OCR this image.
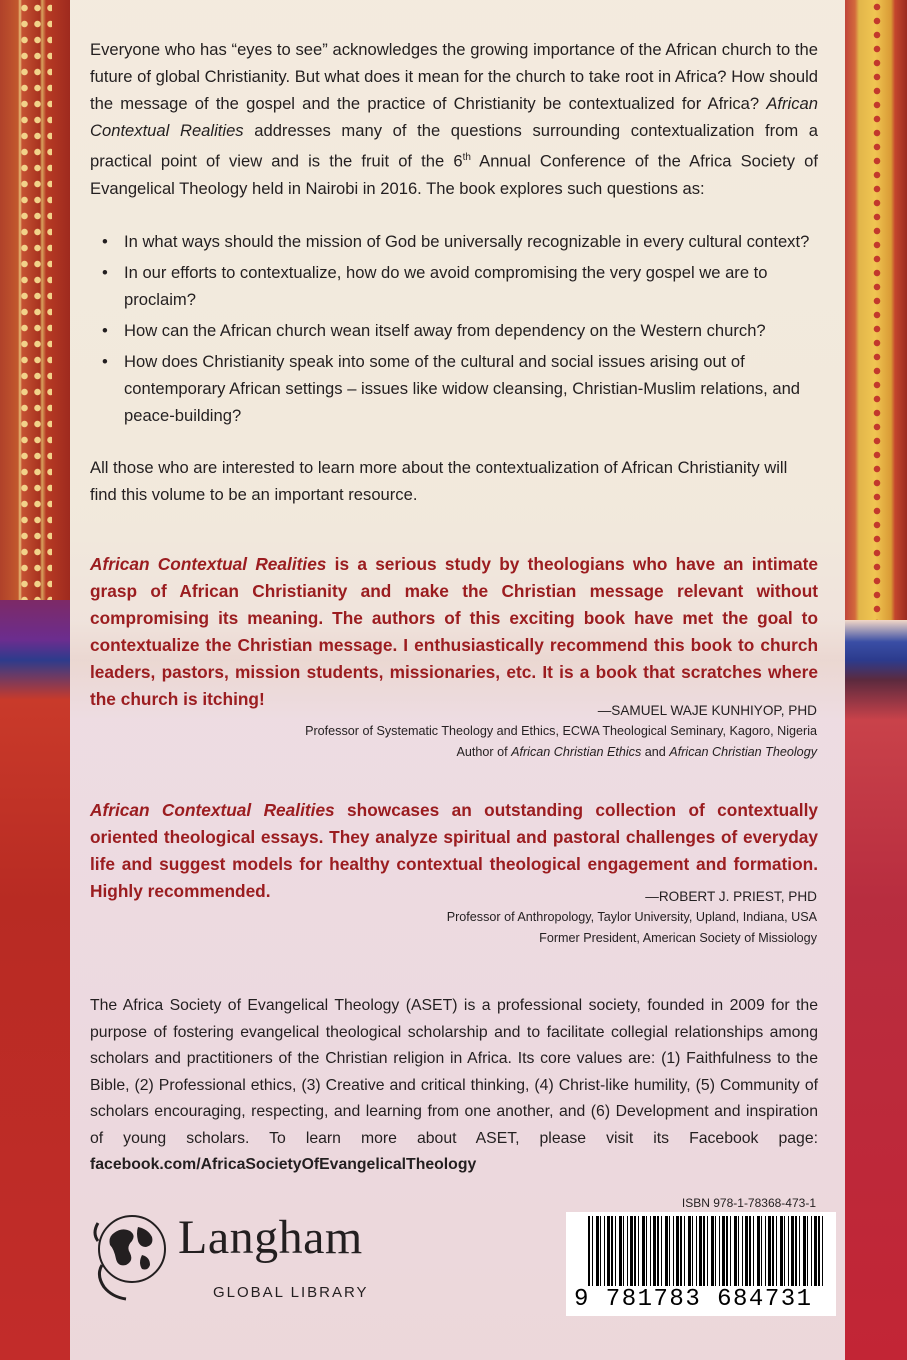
Everyone who has “eyes to see” acknowledges the growing importance of the African church to the future of global Christianity. But what does it mean for the church to take root in Africa? How should the message of the gospel and the practice of Christianity be contextualized for Africa? African Contextual Realities addresses many of the questions surrounding contextualization from a practical point of view and is the fruit of the 6th Annual Conference of the Africa Society of Evangelical Theology held in Nairobi in 2016. The book explores such questions as:

• In what ways should the mission of God be universally recognizable in every cultural context?
• In our efforts to contextualize, how do we avoid compromising the very gospel we are to proclaim?
• How can the African church wean itself away from dependency on the Western church?
• How does Christianity speak into some of the cultural and social issues arising out of contemporary African settings – issues like widow cleansing, Christian-Muslim relations, and peace-building?

All those who are interested to learn more about the contextualization of African Christianity will find this volume to be an important resource.

African Contextual Realities is a serious study by theologians who have an intimate grasp of African Christianity and make the Christian message relevant without compromising its meaning. The authors of this exciting book have met the goal to contextualize the Christian message. I enthusiastically recommend this book to church leaders, pastors, mission students, missionaries, etc. It is a book that scratches where the church is itching!

—SAMUEL WAJE KUNHIYOP, PHD
Professor of Systematic Theology and Ethics, ECWA Theological Seminary, Kagoro, Nigeria
Author of African Christian Ethics and African Christian Theology

African Contextual Realities showcases an outstanding collection of contextually oriented theological essays. They analyze spiritual and pastoral challenges of everyday life and suggest models for healthy contextual theological engagement and formation. Highly recommended.	—ROBERT J. PRIEST, PHD
Professor of Anthropology, Taylor University, Upland, Indiana, USA
Former President, American Society of Missiology

The Africa Society of Evangelical Theology (ASET) is a professional society, founded in 2009 for the purpose of fostering evangelical theological scholarship and to facilitate collegial relationships among scholars and practitioners of the Christian religion in Africa. Its core values are: (1) Faithfulness to the Bible, (2) Professional ethics, (3) Creative and critical thinking, (4) Christ-like humility, (5) Community of scholars encouraging, respecting, and learning from one another, and (6) Development and inspiration of young scholars. To learn more about ASET, please visit its Facebook page: facebook.com/AfricaSocietyOfEvangelicalTheology

Langham
GLOBAL LIBRARY
ISBN 978-1-78368-473-1
9 781783 684731
